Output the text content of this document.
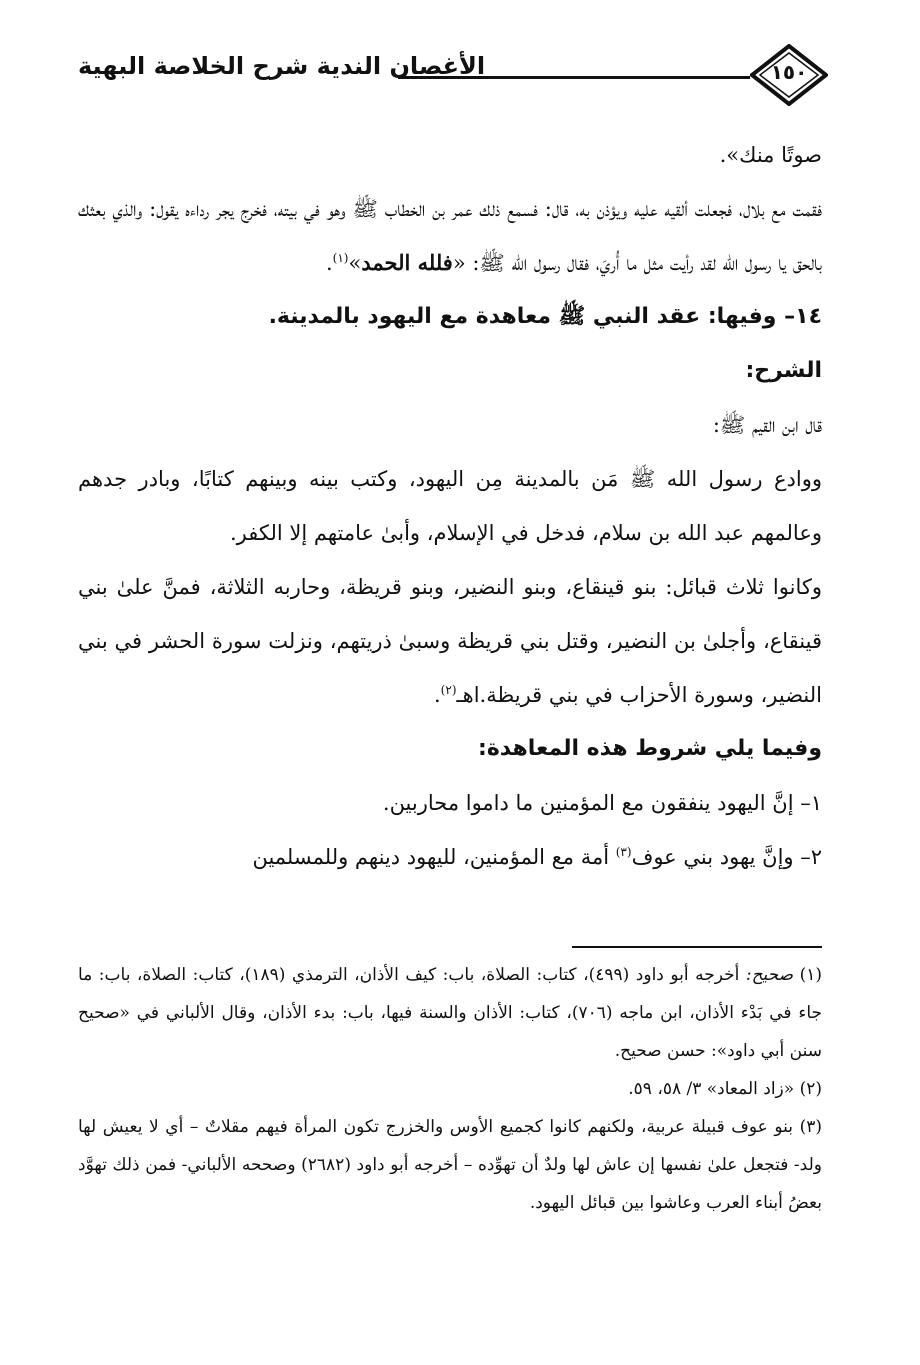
١٥٠
الأغصان الندية شرح الخلاصة البهية

صوتًا منك».

فقمت مع بلال، فجعلت ألقيه عليه ويؤذن به، قال: فسمع ذلك عمر بن الخطاب ﷺ وهو في بيته، فخرج يجر رداءه يقول: والذي بعثك بالحق يا رسول الله لقد رأيت مثل ما أُريَ، فقال رسول الله ﷺ: «فلله الحمد»$^{(١)}$.

١٤– وفيها: عقد النبي ﷺ معاهدة مع اليهود بالمدينة.

الشرح:

قال ابن القيم ﷺ:

ووادع رسول الله ﷺ مَن بالمدينة مِن اليهود، وكتب بينه وبينهم كتابًا، وبادر جدهم وعالمهم عبد الله بن سلام، فدخل في الإسلام، وأبىٰ عامتهم إلا الكفر.

وكانوا ثلاث قبائل: بنو قينقاع، وبنو النضير، وبنو قريظة، وحاربه الثلاثة، فمنَّ علىٰ بني قينقاع، وأجلىٰ بن النضير، وقتل بني قريظة وسبىٰ ذريتهم، ونزلت سورة الحشر في بني النضير، وسورة الأحزاب في بني قريظة.اهـ$^{(٢)}$.

وفيما يلي شروط هذه المعاهدة:

١– إنَّ اليهود ينفقون مع المؤمنين ما داموا محاربين.

٢– وإنَّ يهود بني عوف$^{(٣)}$ أمة مع المؤمنين، لليهود دينهم وللمسلمين

(١) صحيح: أخرجه أبو داود (٤٩٩)، كتاب: الصلاة، باب: كيف الأذان، الترمذي (١٨٩)، كتاب: الصلاة، باب: ما جاء في بَدْء الأذان، ابن ماجه (٧٠٦)، كتاب: الأذان والسنة فيها، باب: بدء الأذان، وقال الألباني في «صحيح سنن أبي داود»: حسن صحيح.

(٢) «زاد المعاد» ٣/ ٥٨، ٥٩.

(٣) بنو عوف قبيلة عربية، ولكنهم كانوا كجميع الأوس والخزرج تكون المرأة فيهم مقلاتٌ – أي لا يعيش لها ولد- فتجعل علىٰ نفسها إن عاش لها ولدٌ أن تهوِّده – أخرجه أبو داود (٢٦٨٢) وصححه الألباني- فمن ذلك تهوَّد بعضُ أبناء العرب وعاشوا بين قبائل اليهود.
